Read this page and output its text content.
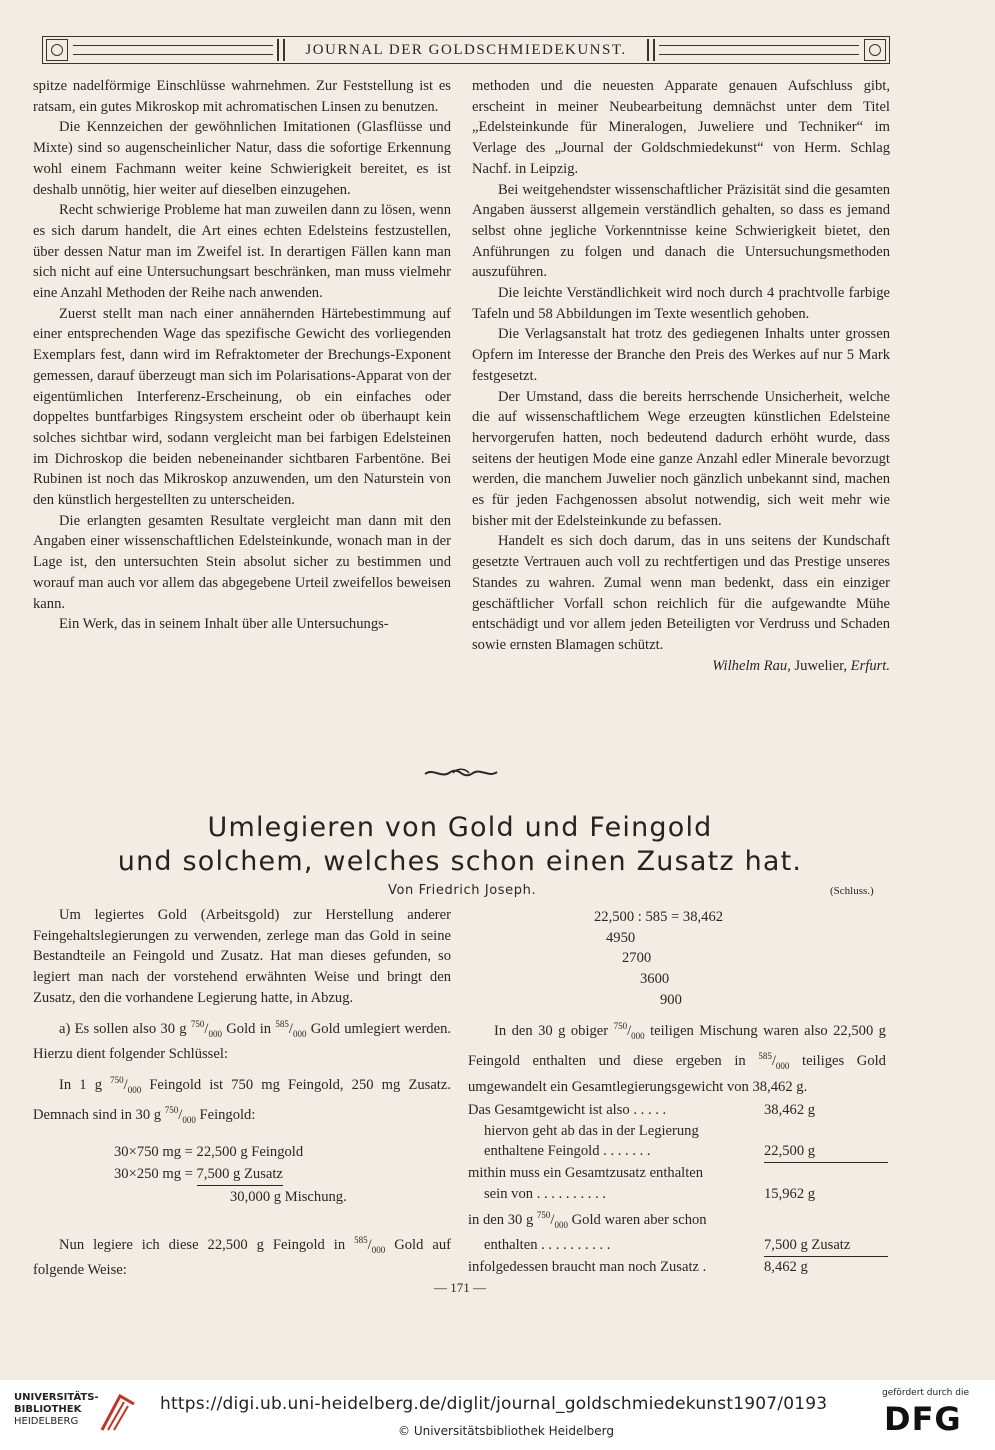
JOURNAL DER GOLDSCHMIEDEKUNST.

spitze nadelförmige Einschlüsse wahrnehmen. Zur Feststellung ist es ratsam, ein gutes Mikroskop mit achromatischen Linsen zu benutzen.

Die Kennzeichen der gewöhnlichen Imitationen (Glasflüsse und Mixte) sind so augenscheinlicher Natur, dass die sofortige Erkennung wohl einem Fachmann weiter keine Schwierigkeit bereitet, es ist deshalb unnötig, hier weiter auf dieselben einzugehen.

Recht schwierige Probleme hat man zuweilen dann zu lösen, wenn es sich darum handelt, die Art eines echten Edelsteins festzustellen, über dessen Natur man im Zweifel ist. In derartigen Fällen kann man sich nicht auf eine Untersuchungsart beschränken, man muss vielmehr eine Anzahl Methoden der Reihe nach anwenden.

Zuerst stellt man nach einer annähernden Härtebestimmung auf einer entsprechenden Wage das spezifische Gewicht des vorliegenden Exemplars fest, dann wird im Refraktometer der Brechungs-Exponent gemessen, darauf überzeugt man sich im Polarisations-Apparat von der eigentümlichen Interferenz-Erscheinung, ob ein einfaches oder doppeltes buntfarbiges Ringsystem erscheint oder ob überhaupt kein solches sichtbar wird, sodann vergleicht man bei farbigen Edelsteinen im Dichroskop die beiden nebeneinander sichtbaren Farbentöne. Bei Rubinen ist noch das Mikroskop anzuwenden, um den Naturstein von den künstlich hergestellten zu unterscheiden.

Die erlangten gesamten Resultate vergleicht man dann mit den Angaben einer wissenschaftlichen Edelsteinkunde, wonach man in der Lage ist, den untersuchten Stein absolut sicher zu bestimmen und worauf man auch vor allem das abgegebene Urteil zweifellos beweisen kann.

Ein Werk, das in seinem Inhalt über alle Untersuchungs-

methoden und die neuesten Apparate genauen Aufschluss gibt, erscheint in meiner Neubearbeitung demnächst unter dem Titel „Edelsteinkunde für Mineralogen, Juweliere und Techniker“ im Verlage des „Journal der Goldschmiedekunst“ von Herm. Schlag Nachf. in Leipzig.

Bei weitgehendster wissenschaftlicher Präzisität sind die gesamten Angaben äusserst allgemein verständlich gehalten, so dass es jemand selbst ohne jegliche Vorkenntnisse keine Schwierigkeit bietet, den Anführungen zu folgen und danach die Untersuchungsmethoden auszuführen.

Die leichte Verständlichkeit wird noch durch 4 prachtvolle farbige Tafeln und 58 Abbildungen im Texte wesentlich gehoben.

Die Verlagsanstalt hat trotz des gediegenen Inhalts unter grossen Opfern im Interesse der Branche den Preis des Werkes auf nur 5 Mark festgesetzt.

Der Umstand, dass die bereits herrschende Unsicherheit, welche die auf wissenschaftlichem Wege erzeugten künstlichen Edelsteine hervorgerufen hatten, noch bedeutend dadurch erhöht wurde, dass seitens der heutigen Mode eine ganze Anzahl edler Minerale bevorzugt werden, die manchem Juwelier noch gänzlich unbekannt sind, machen es für jeden Fachgenossen absolut notwendig, sich weit mehr wie bisher mit der Edelsteinkunde zu befassen.

Handelt es sich doch darum, das in uns seitens der Kundschaft gesetzte Vertrauen auch voll zu rechtfertigen und das Prestige unseres Standes zu wahren. Zumal wenn man bedenkt, dass ein einziger geschäftlicher Vorfall schon reichlich für die aufgewandte Mühe entschädigt und vor allem jeden Beteiligten vor Verdruss und Schaden sowie ernsten Blamagen schützt.

Wilhelm Rau, Juwelier, Erfurt.

Umlegieren von Gold und Feingold
und solchem, welches schon einen Zusatz hat.
Von Friedrich Joseph.	(Schluss.)

Um legiertes Gold (Arbeitsgold) zur Herstellung anderer Feingehaltslegierungen zu verwenden, zerlege man das Gold in seine Bestandteile an Feingold und Zusatz. Hat man dieses gefunden, so legiert man nach der vorstehend erwähnten Weise und bringt den Zusatz, den die vorhandene Legierung hatte, in Abzug.

a) Es sollen also 30 g $^{750}/_{000}$ Gold in $^{585}/_{000}$ Gold umlegiert werden. Hierzu dient folgender Schlüssel:

In 1 g $^{750}/_{000}$ Feingold ist 750 mg Feingold, 250 mg Zusatz. Demnach sind in 30 g $^{750}/_{000}$ Feingold:

30×750 mg = 22,500 g Feingold
30×250 mg = 7,500 g Zusatz
30,000 g Mischung.

Nun legiere ich diese 22,500 g Feingold in $^{585}/_{000}$ Gold auf folgende Weise:

22,500 : 585 = 38,462
4950
2700
3600
900

In den 30 g obiger $^{750}/_{000}$ teiligen Mischung waren also 22,500 g Feingold enthalten und diese ergeben in $^{585}/_{000}$ teiliges Gold umgewandelt ein Gesamtlegierungsgewicht von 38,462 g.

Das Gesamtgewicht ist also . . . . .	38,462 g
hiervon geht ab das in der Legierung
enthaltene Feingold . . . . . . .	22,500 g
mithin muss ein Gesamtzusatz enthalten
sein von . . . . . . . . . .	15,962 g
in den 30 g $^{750}/_{000}$ Gold waren aber schon
enthalten . . . . . . . . . .	7,500 g Zusatz
infolgedessen braucht man noch Zusatz .	8,462 g
— 171 —
UNIVERSITÄTS-
BIBLIOTHEK
HEIDELBERG
https://digi.ub.uni-heidelberg.de/diglit/journal_goldschmiedekunst1907/0193
© Universitätsbibliothek Heidelberg
gefördert durch die
DFG
